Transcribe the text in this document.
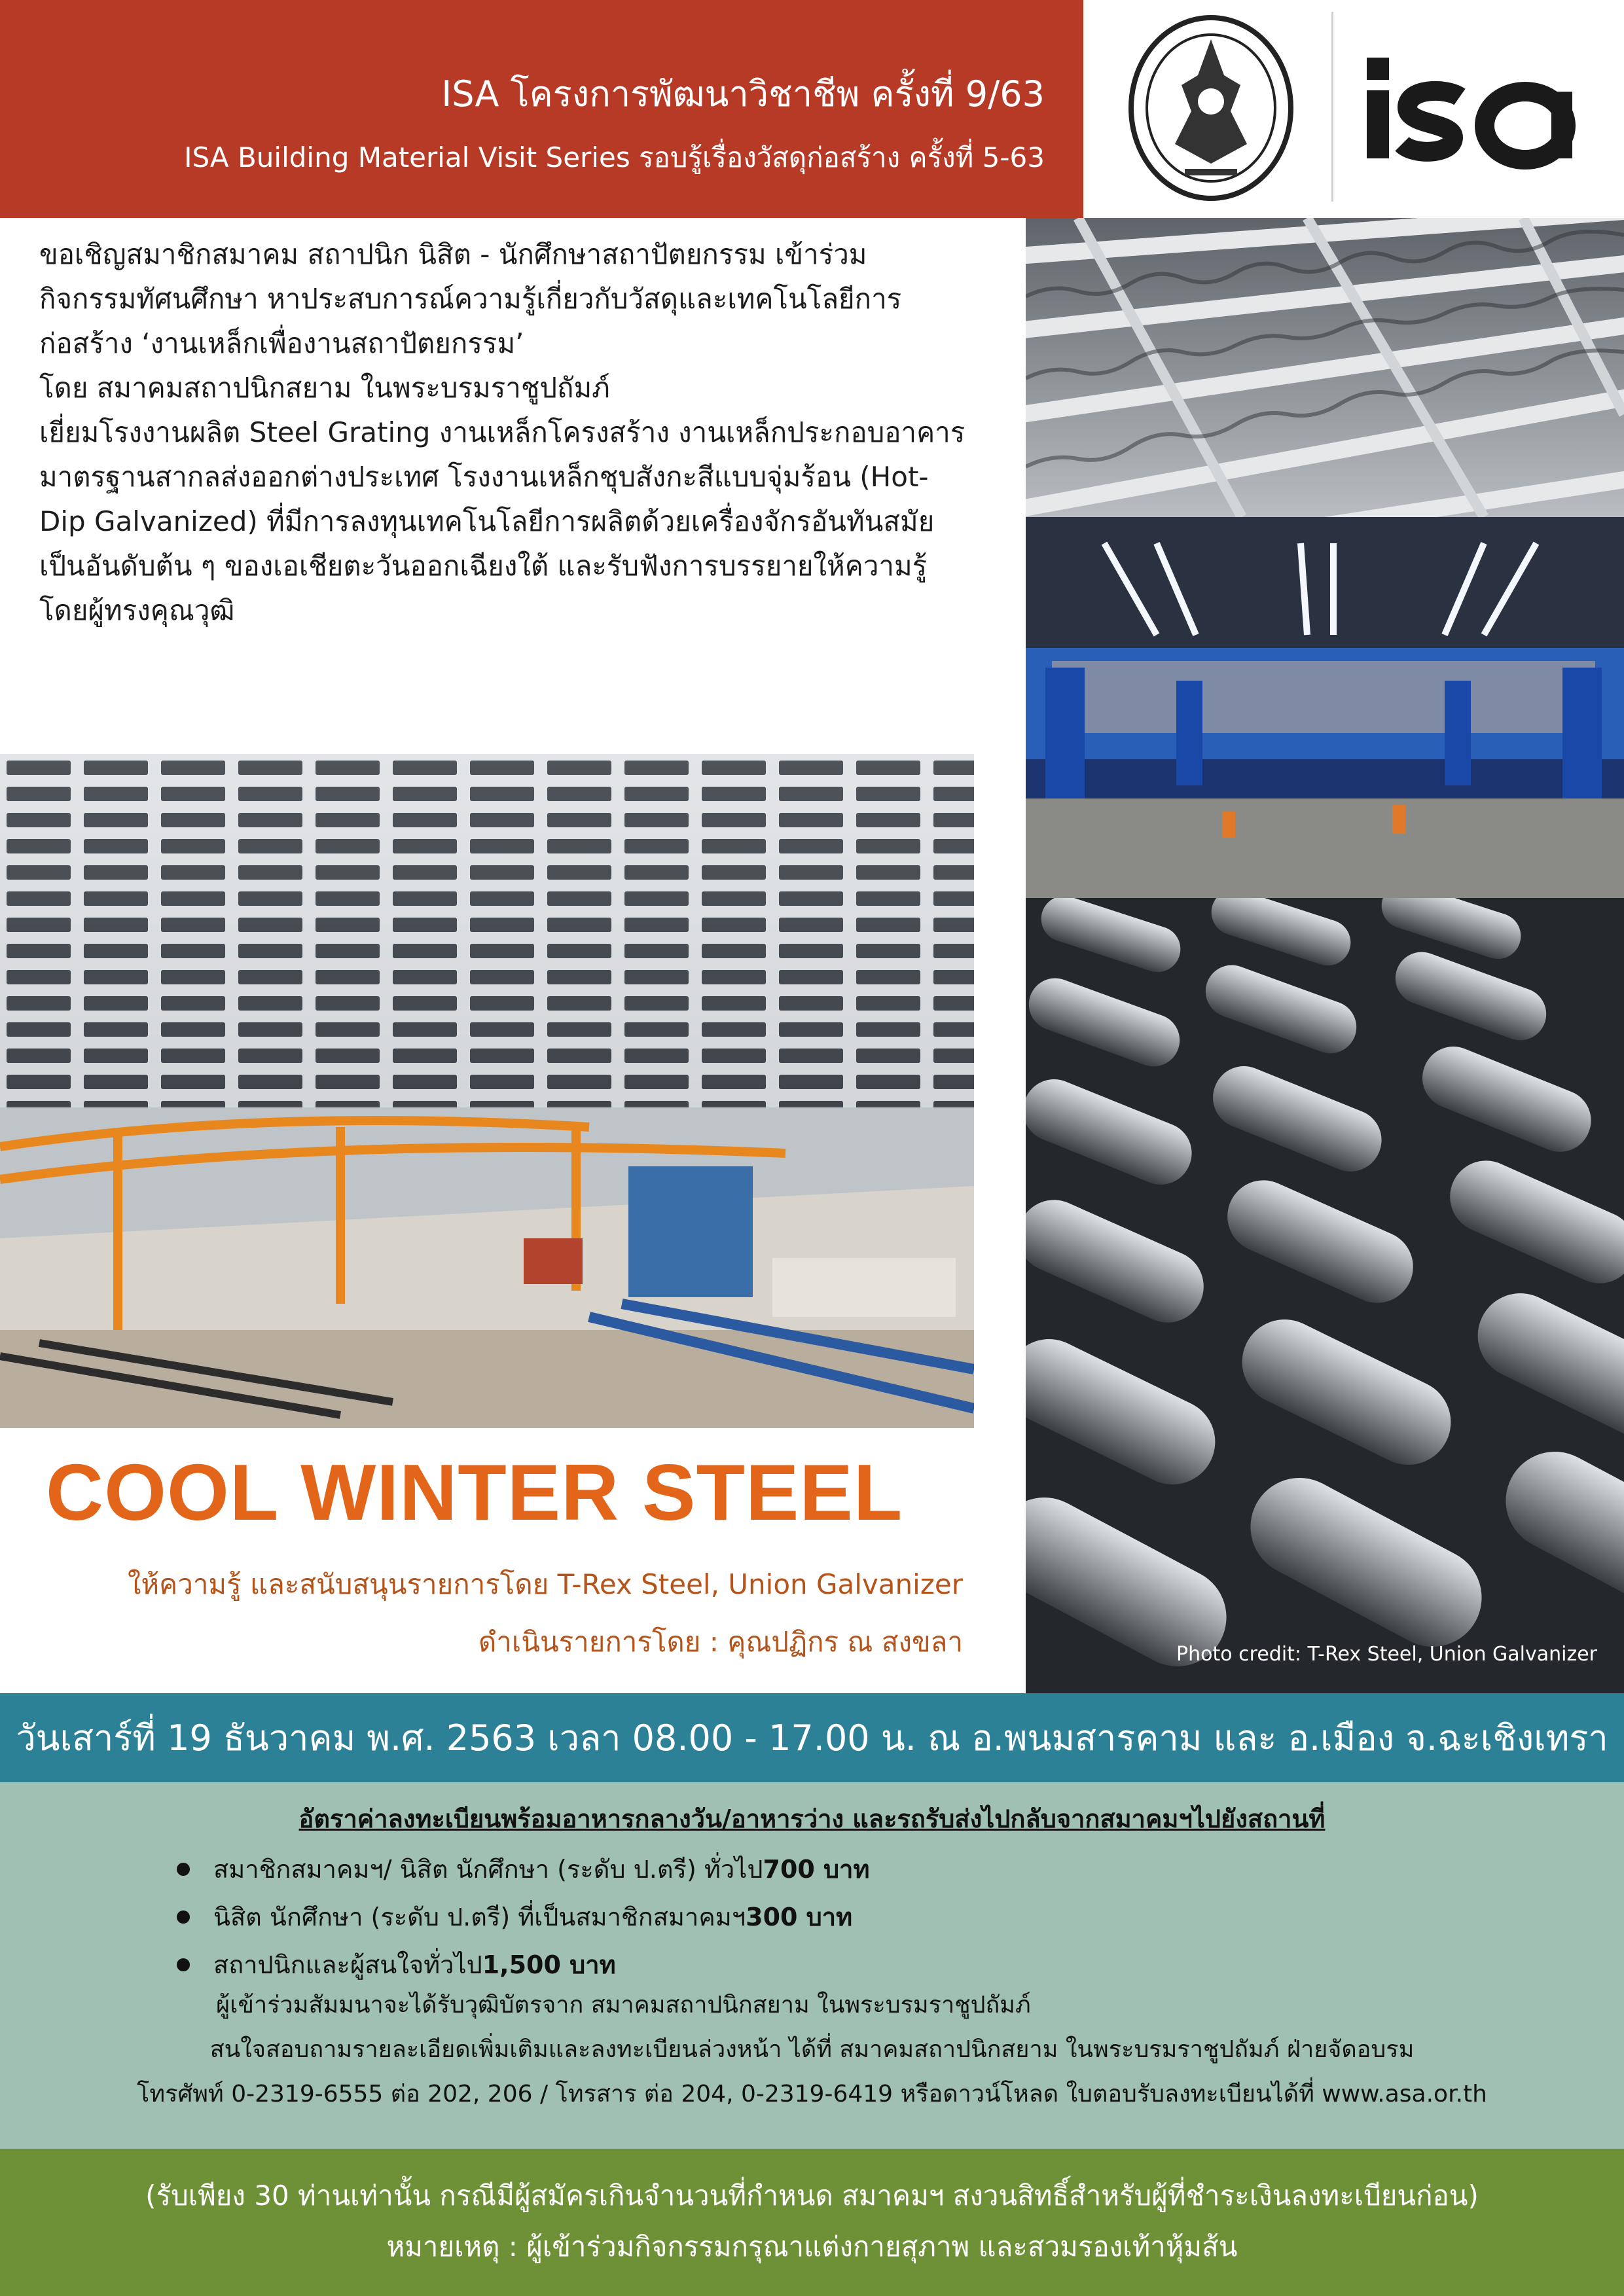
ISA โครงการพัฒนาวิชาชีพ ครั้งที่ 9/63
ISA Building Material Visit Series รอบรู้เรื่องวัสดุก่อสร้าง ครั้งที่ 5-63

ขอเชิญสมาชิกสมาคม สถาปนิก นิสิต - นักศึกษาสถาปัตยกรรม เข้าร่วม

กิจกรรมทัศนศึกษา หาประสบการณ์ความรู้เกี่ยวกับวัสดุและเทคโนโลยีการ

ก่อสร้าง ‘งานเหล็กเพื่องานสถาปัตยกรรม’

โดย สมาคมสถาปนิกสยาม ในพระบรมราชูปถัมภ์

เยี่ยมโรงงานผลิต Steel Grating งานเหล็กโครงสร้าง งานเหล็กประกอบอาคาร

มาตรฐานสากลส่งออกต่างประเทศ โรงงานเหล็กชุบสังกะสีแบบจุ่มร้อน (Hot-

Dip Galvanized) ที่มีการลงทุนเทคโนโลยีการผลิตด้วยเครื่องจักรอันทันสมัย

เป็นอันดับต้น ๆ ของเอเชียตะวันออกเฉียงใต้ และรับฟังการบรรยายให้ความรู้

โดยผู้ทรงคุณวุฒิ

Photo credit: T-Rex Steel, Union Galvanizer
COOL WINTER STEEL
ให้ความรู้ และสนับสนุนรายการโดย T-Rex Steel, Union Galvanizer
ดำเนินรายการโดย : คุณปฏิกร ณ สงขลา
วันเสาร์ที่ 19 ธันวาคม พ.ศ. 2563 เวลา 08.00 - 17.00 น. ณ อ.พนมสารคาม และ อ.เมือง จ.ฉะเชิงเทรา
อัตราค่าลงทะเบียนพร้อมอาหารกลางวัน/อาหารว่าง และรถรับส่งไปกลับจากสมาคมฯไปยังสถานที่
สมาชิกสมาคมฯ/ นิสิต นักศึกษา (ระดับ ป.ตรี) ทั่วไป 700 บาท
นิสิต นักศึกษา (ระดับ ป.ตรี) ที่เป็นสมาชิกสมาคมฯ 300 บาท
สถาปนิกและผู้สนใจทั่วไป 1,500 บาท
ผู้เข้าร่วมสัมมนาจะได้รับวุฒิบัตรจาก สมาคมสถาปนิกสยาม ในพระบรมราชูปถัมภ์
สนใจสอบถามรายละเอียดเพิ่มเติมและลงทะเบียนล่วงหน้า ได้ที่ สมาคมสถาปนิกสยาม ในพระบรมราชูปถัมภ์ ฝ่ายจัดอบรม
โทรศัพท์ 0-2319-6555 ต่อ 202, 206 / โทรสาร ต่อ 204, 0-2319-6419 หรือดาวน์โหลด ใบตอบรับลงทะเบียนได้ที่ www.asa.or.th
(รับเพียง 30 ท่านเท่านั้น กรณีมีผู้สมัครเกินจำนวนที่กำหนด สมาคมฯ สงวนสิทธิ์สำหรับผู้ที่ชำระเงินลงทะเบียนก่อน)
หมายเหตุ : ผู้เข้าร่วมกิจกรรมกรุณาแต่งกายสุภาพ และสวมรองเท้าหุ้มส้น
